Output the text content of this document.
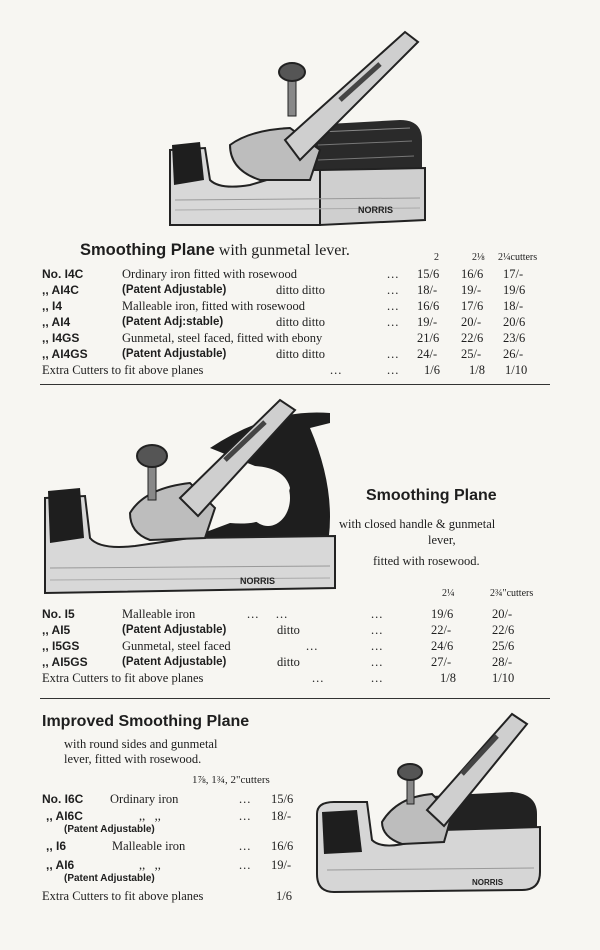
NORRIS
Smoothing Plane with gunmetal lever.	2	2⅛ 2¼cutters
No. I4C	Ordinary iron fitted with rosewood	... 15/6 16/6 17/-
,, AI4C	(Patent Adjustable)	ditto ditto	... 18/- 19/- 19/6
,, I4	Malleable iron, fitted with rosewood	... 16/6 17/6 18/-
,, AI4	(Patent Adj:stable)	ditto ditto	... 19/- 20/- 20/6
,, I4GS	Gunmetal, steel faced, fitted with ebony	21/6 22/6 23/6
,, AI4GS	(Patent Adjustable)	ditto ditto	... 24/- 25/- 26/-
Extra Cutters to fit above planes	...	... 1/6 1/8 1/10
NORRIS
Smoothing Plane
with closed handle & gunmetal
lever,
fitted with rosewood.
2¼	2¾"cutters
No. I5	Malleable iron	...    ...	...	19/6	20/-
,, AI5	(Patent Adjustable)	ditto	...	22/-	22/6
,, I5GS	Gunmetal, steel faced	...	...	24/6	25/6
,, AI5GS	(Patent Adjustable)	ditto	...	27/-	28/-
Extra Cutters to fit above planes	...	...	1/8	1/10
Improved Smoothing Plane
with round sides and gunmetal
lever, fitted with rosewood.
1⅞, 1¾, 2"cutters
No. I6C Ordinary iron	... 15/6
,, AI6C	,,   ,,	... 18/-
(Patent Adjustable)
,, I6	Malleable iron	... 16/6
,, AI6	,,   ,,	... 19/-
(Patent Adjustable)
Extra Cutters to fit above planes	1/6
NORRIS
